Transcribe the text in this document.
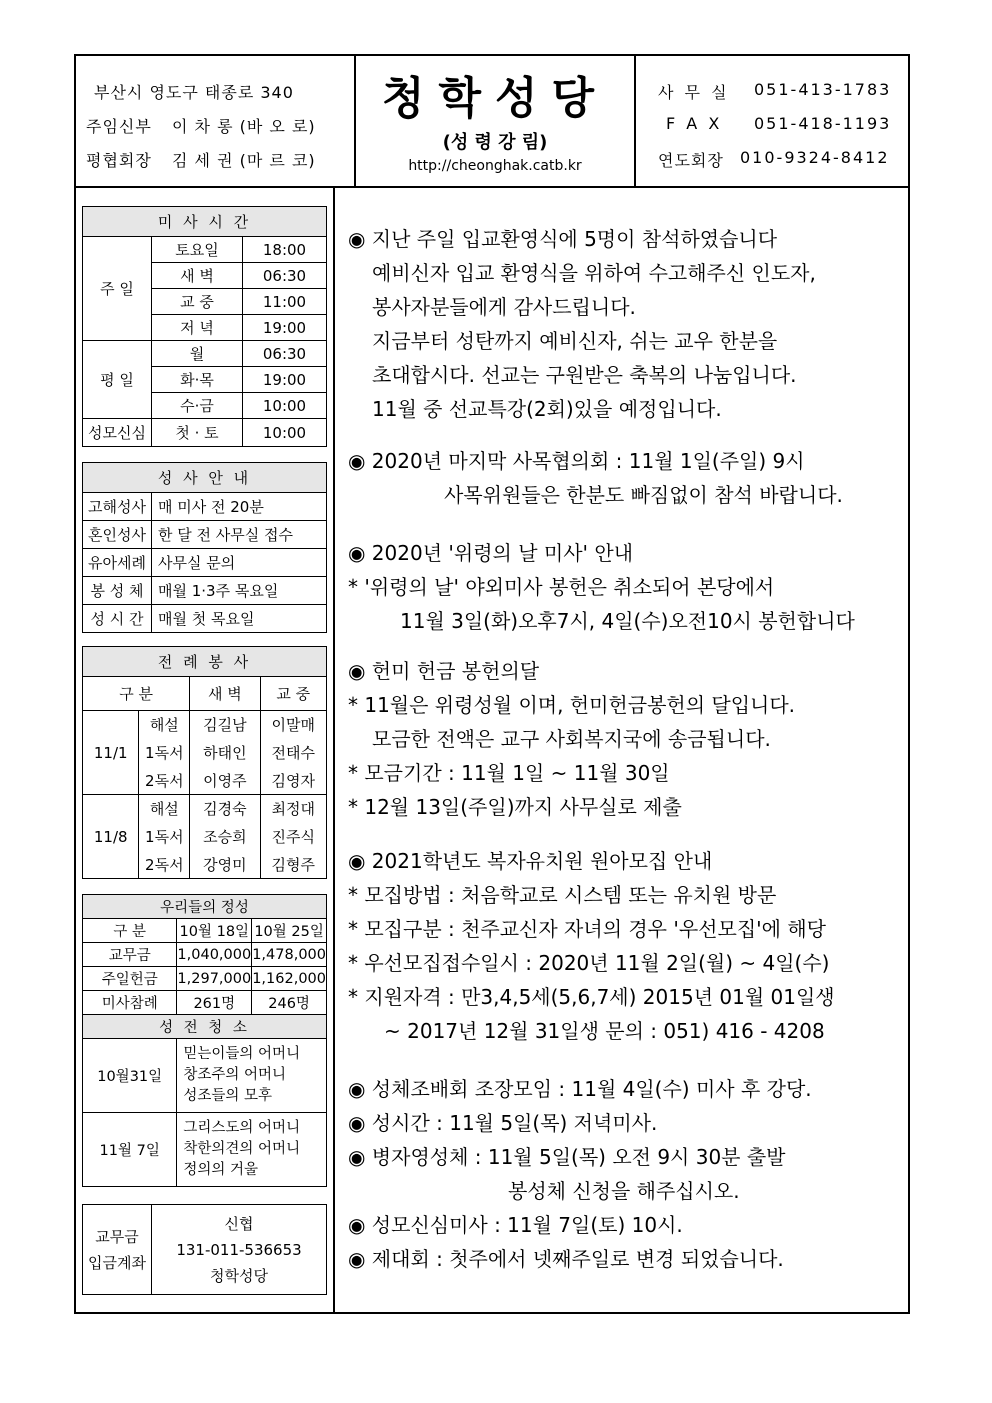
부산시 영도구 태종로 340
주임신부 이 차 롱 (바 오 로)
평협회장 김 세 권 (마 르 코)
청학성당
(성 령 강 림)
http://cheonghak.catb.kr
사 무 실 051-413-1783
F A X 051-418-1193
연도회장 010-9324-8412
미 사 시 간		
주 일	토요일	18:00
	새 벽	06:30
	교 중	11:00
	저 녁	19:00
평 일	월	06:30
	화·목	19:00
	수·금	10:00
성모신심	첫 · 토	10:00
성 사 안 내	
고해성사	매 미사 전 20분
혼인성사	한 달 전 사무실 접수
유아세례	사무실 문의
봉 성 체	매월 1·3주 목요일
성 시 간	매월 첫 목요일
전 례 봉 사			
구 분		새 벽	교 중
11/1	해설	김길남	이말매
	1독서	하태인	전태수
	2독서	이영주	김영자
11/8	해설	김경숙	최정대
	1독서	조승희	진주식
	2독서	강영미	김형주
우리들의 정성		
구 분	10월 18일	10월 25일
교무금	1,040,000	1,478,000
주일헌금	1,297,000	1,162,000
미사참례	261명	246명
성 전 청 소		
10월31일	믿는이들의 어머니
창조주의 어머니
성조들의 모후	

11월 7일	그리스도의 어머니
착한의견의 어머니
정의의 거울	
교무금
입금계좌

신협
131-011-536653
청학성당
◉ 지난 주일 입교환영식에 5명이 참석하였습니다
예비신자 입교 환영식을 위하여 수고해주신 인도자,
봉사자분들에게 감사드립니다.
지금부터 성탄까지 예비신자, 쉬는 교우 한분을
초대합시다. 선교는 구원받은 축복의 나눔입니다.
11월 중 선교특강(2회)있을 예정입니다.
◉ 2020년 마지막 사목협의회 : 11월 1일(주일) 9시
사목위원들은 한분도 빠짐없이 참석 바랍니다.
◉ 2020년 '위령의 날 미사' 안내
* '위령의 날' 야외미사 봉헌은 취소되어 본당에서
11월 3일(화)오후7시, 4일(수)오전10시 봉헌합니다
◉ 헌미 헌금 봉헌의달
* 11월은 위령성월 이며, 헌미헌금봉헌의 달입니다.
모금한 전액은 교구 사회복지국에 송금됩니다.
* 모금기간 : 11월 1일 ~ 11월 30일
* 12월 13일(주일)까지 사무실로 제출
◉ 2021학년도 복자유치원 원아모집 안내
* 모집방법 : 처음학교로 시스템 또는 유치원 방문
* 모집구분 : 천주교신자 자녀의 경우 '우선모집'에 해당
* 우선모집접수일시 : 2020년 11월 2일(월) ~ 4일(수)
* 지원자격 : 만3,4,5세(5,6,7세) 2015년 01월 01일생
~ 2017년 12월 31일생 문의 : 051) 416 - 4208
◉ 성체조배회 조장모임 : 11월 4일(수) 미사 후 강당.
◉ 성시간 : 11월 5일(목) 저녁미사.
◉ 병자영성체 : 11월 5일(목) 오전 9시 30분 출발
봉성체 신청을 해주십시오.
◉ 성모신심미사 : 11월 7일(토) 10시.
◉ 제대회 : 첫주에서 넷째주일로 변경 되었습니다.
